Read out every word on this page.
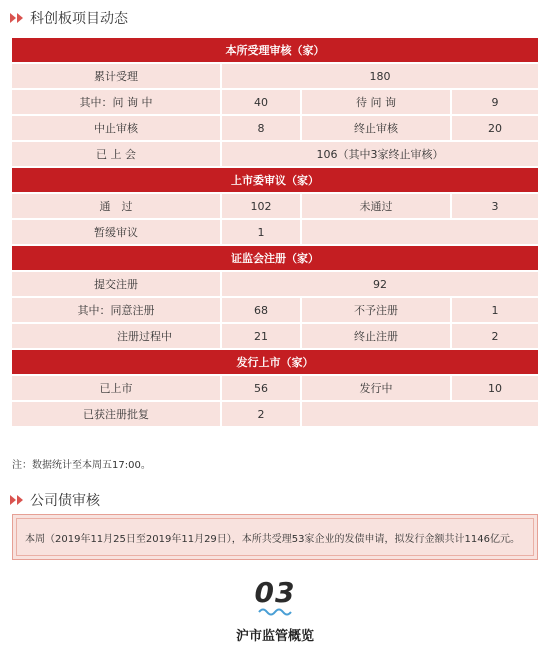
科创板项目动态
本所受理审核（家）			
累计受理	180		
其中：问 询 中	40	待 问 询	9
中止审核	8	终止审核	20
已 上 会	106（其中3家终止审核）		
上市委审议（家）			
通　过	102	未通过	3
暂缓审议	1		
证监会注册（家）			
提交注册	92		
其中：同意注册	68	不予注册	1
注册过程中	21	终止注册	2
发行上市（家）			
已上市	56	发行中	10
已获注册批复	2		
注：数据统计至本周五17:00。
公司债审核
本周（2019年11月25日至2019年11月29日），本所共受理53家企业的发债申请，拟发行金额共计1146亿元。
03
沪市监管概览
